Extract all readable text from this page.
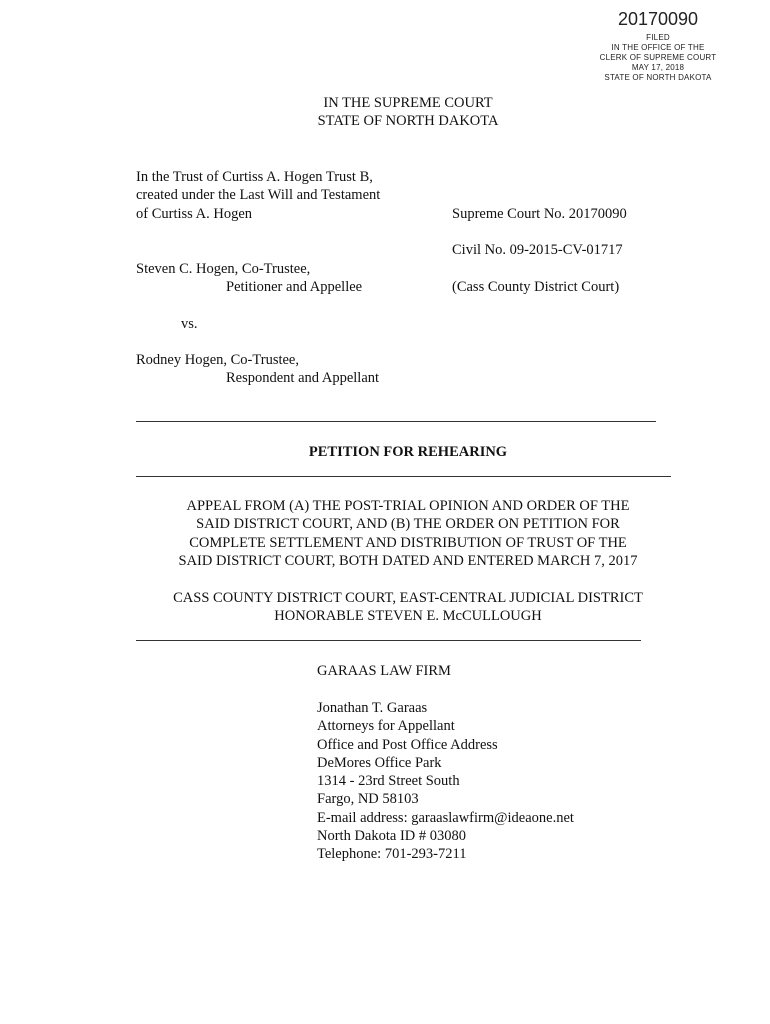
20170090
FILED
IN THE OFFICE OF THE
CLERK OF SUPREME COURT
MAY 17, 2018
STATE OF NORTH DAKOTA
IN THE SUPREME COURT
STATE OF NORTH DAKOTA
In the Trust of Curtiss A. Hogen Trust B,
created under the Last Will and Testament
of Curtiss A. Hogen
Steven C. Hogen, Co-Trustee,
Petitioner and Appellee
vs.
Rodney Hogen, Co-Trustee,
Respondent and Appellant
Supreme Court No. 20170090
Civil No. 09-2015-CV-01717
(Cass County District Court)
PETITION FOR REHEARING
APPEAL FROM (A) THE POST-TRIAL OPINION AND ORDER OF THE
SAID DISTRICT COURT, AND (B) THE ORDER ON PETITION FOR
COMPLETE SETTLEMENT AND DISTRIBUTION OF TRUST OF THE
SAID DISTRICT COURT, BOTH DATED AND ENTERED MARCH 7, 2017
CASS COUNTY DISTRICT COURT, EAST-CENTRAL JUDICIAL DISTRICT
HONORABLE STEVEN E. McCULLOUGH
GARAAS LAW FIRM
Jonathan T. Garaas
Attorneys for Appellant
Office and Post Office Address
DeMores Office Park
1314 - 23rd Street South
Fargo, ND 58103
E-mail address: garaaslawfirm@ideaone.net
North Dakota ID # 03080
Telephone: 701-293-7211
